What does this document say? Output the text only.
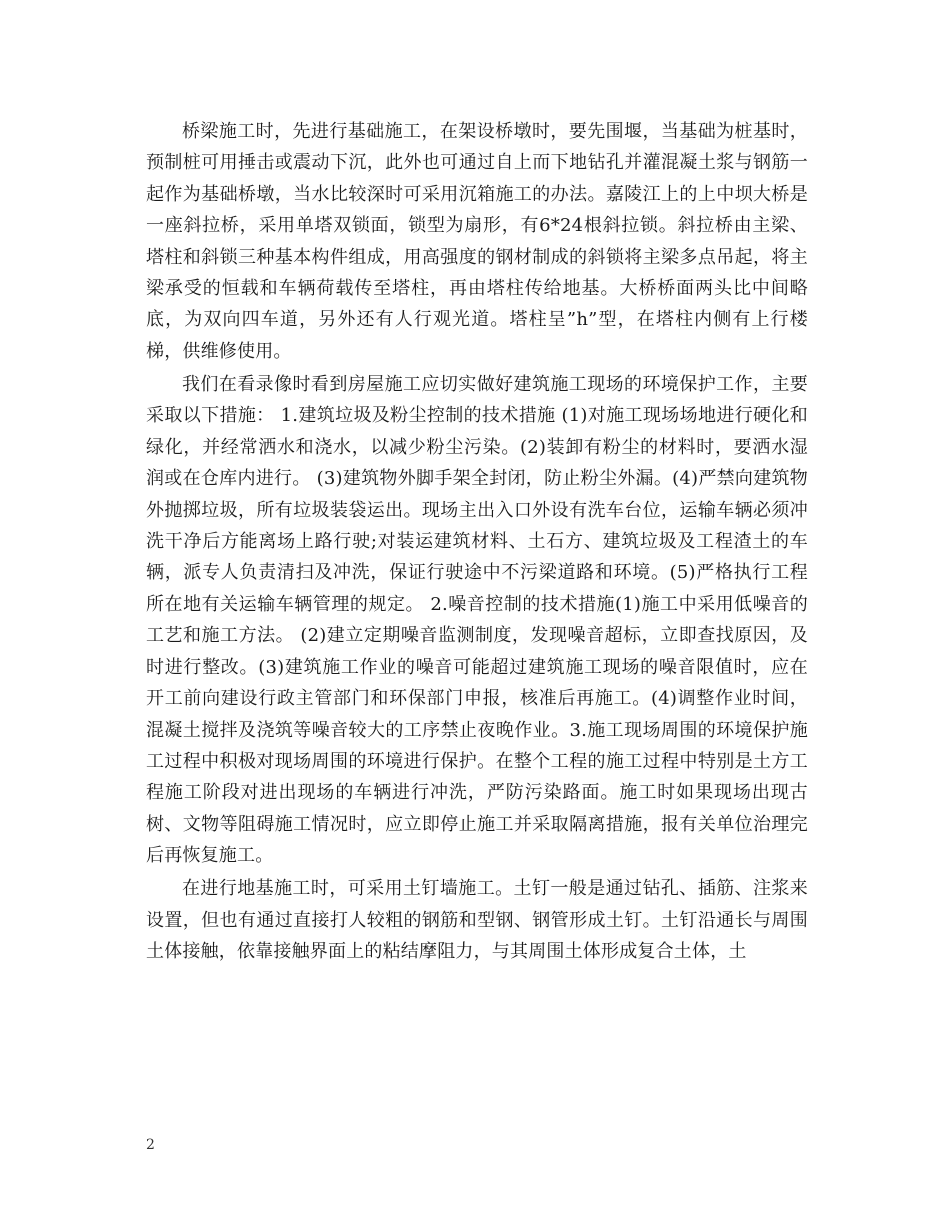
桥梁施工时，先进行基础施工，在架设桥墩时，要先围堰，当基础为桩基时，预制桩可用捶击或震动下沉，此外也可通过自上而下地钻孔并灌混凝土浆与钢筋一起作为基础桥墩，当水比较深时可采用沉箱施工的办法。嘉陵江上的上中坝大桥是一座斜拉桥，采用单塔双锁面，锁型为扇形，有6*24根斜拉锁。斜拉桥由主梁、塔柱和斜锁三种基本构件组成，用高强度的钢材制成的斜锁将主梁多点吊起，将主梁承受的恒载和车辆荷载传至塔柱，再由塔柱传给地基。大桥桥面两头比中间略底，为双向四车道，另外还有人行观光道。塔柱呈”h”型，在塔柱内侧有上行楼梯，供维修使用。

我们在看录像时看到房屋施工应切实做好建筑施工现场的环境保护工作，主要采取以下措施： 1.建筑垃圾及粉尘控制的技术措施 (1)对施工现场场地进行硬化和绿化，并经常洒水和浇水，以减少粉尘污染。(2)装卸有粉尘的材料时，要洒水湿润或在仓库内进行。 (3)建筑物外脚手架全封闭，防止粉尘外漏。(4)严禁向建筑物外抛掷垃圾，所有垃圾装袋运出。现场主出入口外设有洗车台位，运输车辆必须冲洗干净后方能离场上路行驶;对装运建筑材料、土石方、建筑垃圾及工程渣土的车辆，派专人负责清扫及冲洗，保证行驶途中不污梁道路和环境。(5)严格执行工程所在地有关运输车辆管理的规定。 2.噪音控制的技术措施(1)施工中采用低噪音的工艺和施工方法。 (2)建立定期噪音监测制度，发现噪音超标，立即查找原因，及时进行整改。(3)建筑施工作业的噪音可能超过建筑施工现场的噪音限值时，应在开工前向建设行政主管部门和环保部门申报，核准后再施工。(4)调整作业时间，混凝土搅拌及浇筑等噪音较大的工序禁止夜晚作业。3.施工现场周围的环境保护施工过程中积极对现场周围的环境进行保护。在整个工程的施工过程中特别是土方工程施工阶段对进出现场的车辆进行冲洗，严防污染路面。施工时如果现场出现古树、文物等阻碍施工情况时，应立即停止施工并采取隔离措施，报有关单位治理完后再恢复施工。

在进行地基施工时，可采用土钉墙施工。土钉一般是通过钻孔、插筋、注浆来设置，但也有通过直接打人较粗的钢筋和型钢、钢管形成土钉。土钉沿通长与周围土体接触，依靠接触界面上的粘结摩阻力，与其周围土体形成复合土体，土

2
